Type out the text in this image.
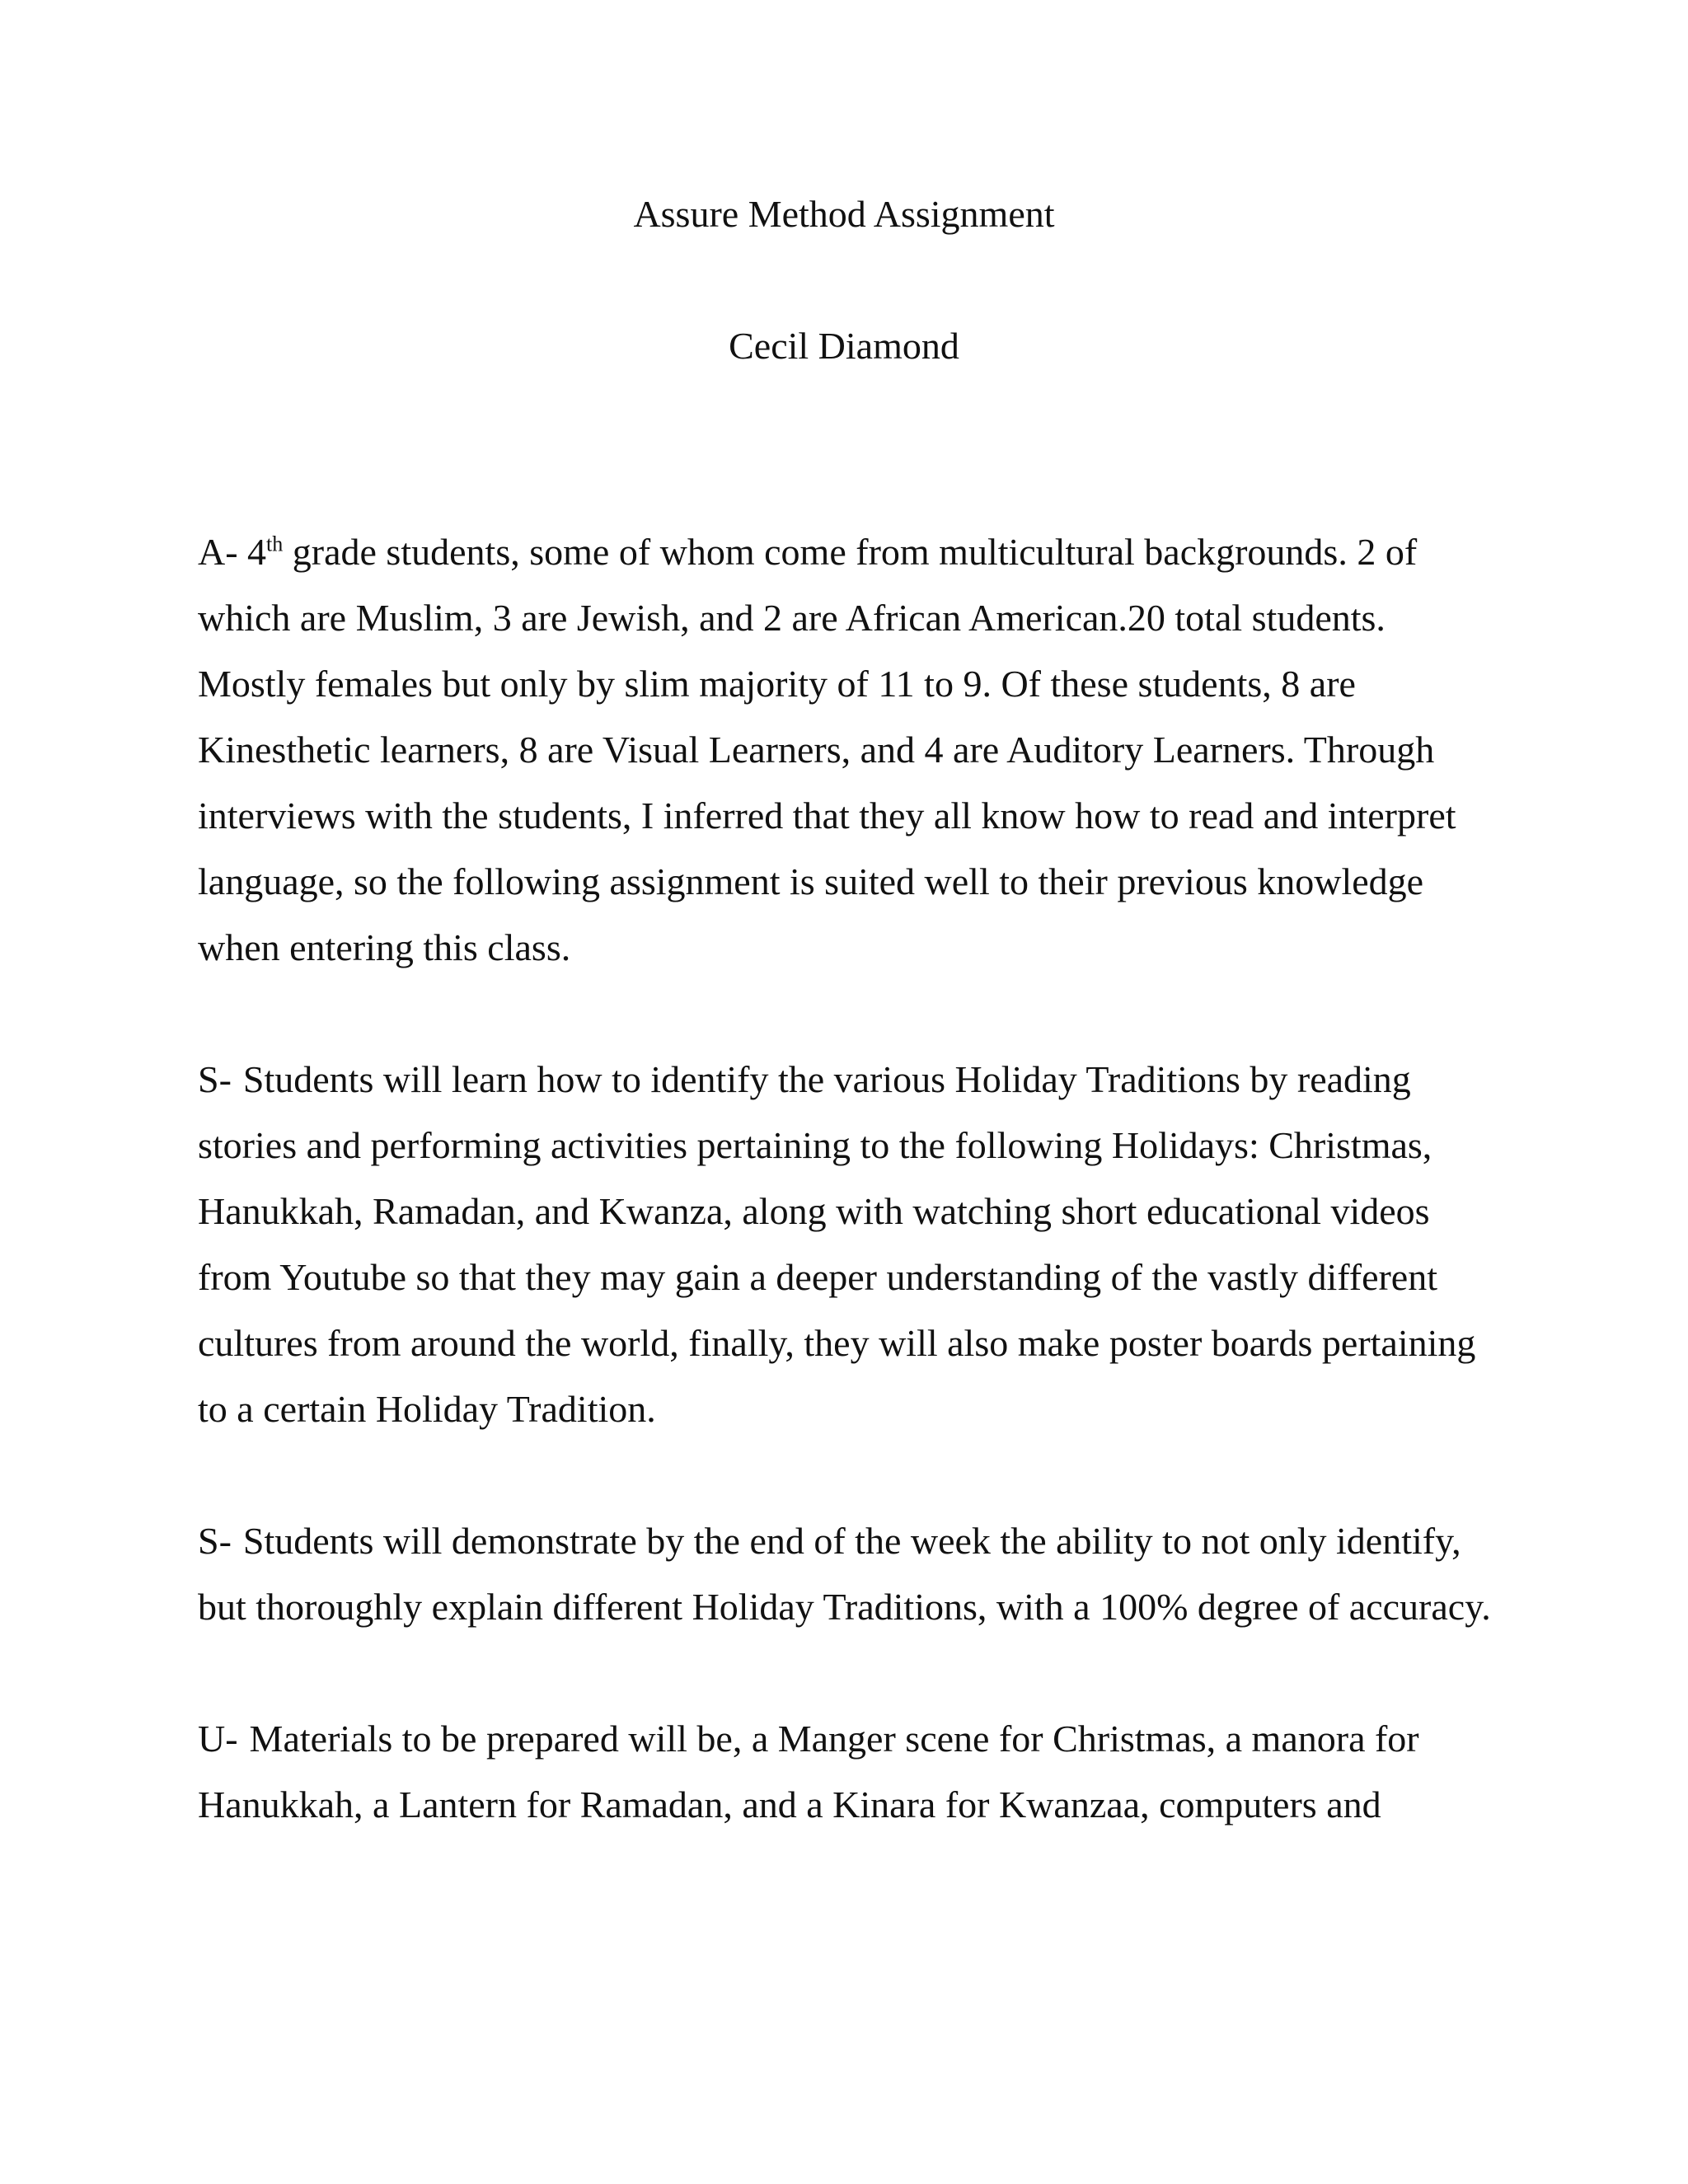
Assure Method Assignment
Cecil Diamond

A- 4th grade students, some of whom come from multicultural backgrounds. 2 of which are Muslim, 3 are Jewish, and 2 are African American.20 total students. Mostly females but only by slim majority of 11 to 9. Of these students, 8 are Kinesthetic learners, 8 are Visual Learners, and 4 are Auditory Learners. Through interviews with the students, I inferred that they all know how to read and interpret language, so the following assignment is suited well to their previous knowledge when entering this class.

S- Students will learn how to identify the various Holiday Traditions by reading stories and performing activities pertaining to the following Holidays: Christmas, Hanukkah, Ramadan, and Kwanza, along with watching short educational videos from Youtube so that they may gain a deeper understanding of the vastly different cultures from around the world, finally, they will also make poster boards pertaining to a certain Holiday Tradition.

S- Students will demonstrate by the end of the week the ability to not only identify, but thoroughly explain different Holiday Traditions, with a 100% degree of accuracy.

U- Materials to be prepared will be, a Manger scene for Christmas, a manora for Hanukkah, a Lantern for Ramadan, and a Kinara for Kwanzaa, computers and
